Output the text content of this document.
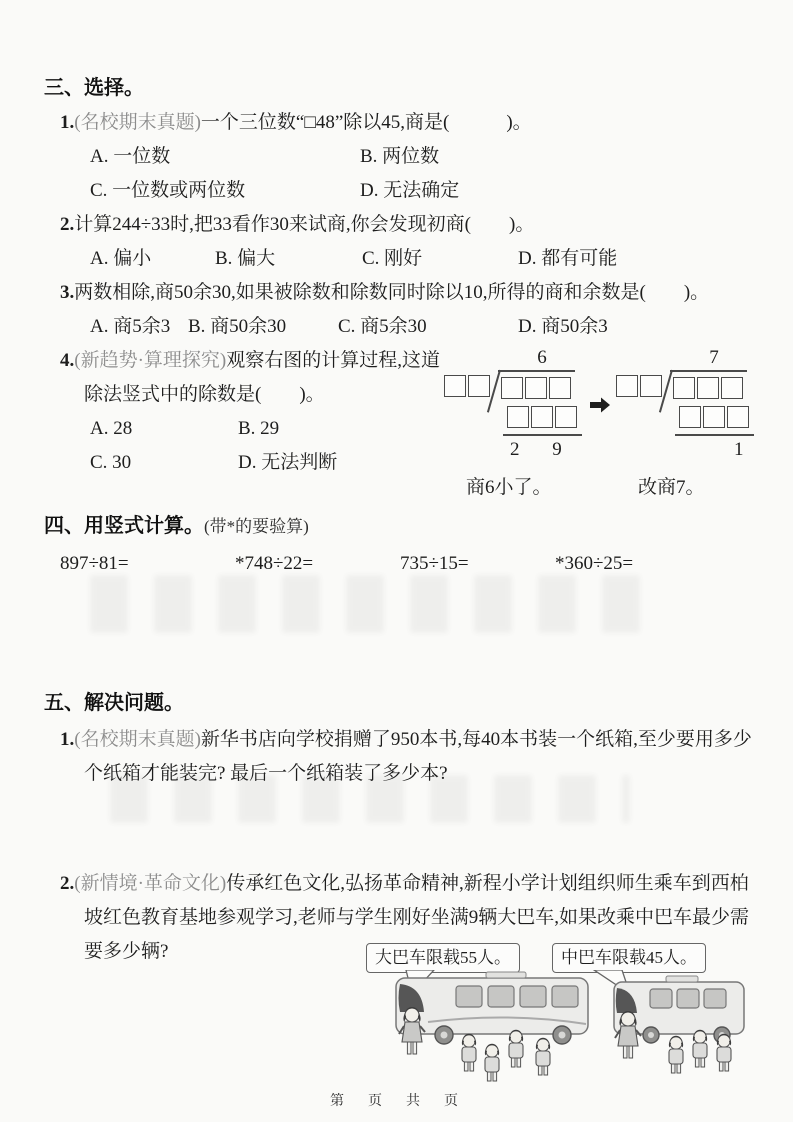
三、选择。
1.(名校期末真题)一个三位数“□48”除以45,商是(　　　)。
A. 一位数	B. 两位数
C. 一位数或两位数	D. 无法确定
2.计算244÷33时,把33看作30来试商,你会发现初商(　　)。
A. 偏小	B. 偏大	C. 刚好	D. 都有可能
3.两数相除,商50余30,如果被除数和除数同时除以10,所得的商和余数是(　　)。
A. 商5余3 B. 商50余30	C. 商5余30	D. 商50余3
4.(新趋势·算理探究)观察右图的计算过程,这道除法竖式中的除数是(　　)。
A. 28	B. 29
C. 30	D. 无法判断
6
2 9
商6小了。
7
1
改商7。
四、用竖式计算。(带*的要验算)
897÷81=	*748÷22=	735÷15=	*360÷25=
五、解决问题。
1.(名校期末真题)新华书店向学校捐赠了950本书,每40本书装一个纸箱,至少要用多少个纸箱才能装完? 最后一个纸箱装了多少本?
2.(新情境·革命文化)传承红色文化,弘扬革命精神,新程小学计划组织师生乘车到西柏坡红色教育基地参观学习,老师与学生刚好坐满9辆大巴车,如果改乘中巴车最少需要多少辆?	大巴车限载55人。	中巴车限载45人。
第　页　共　页
